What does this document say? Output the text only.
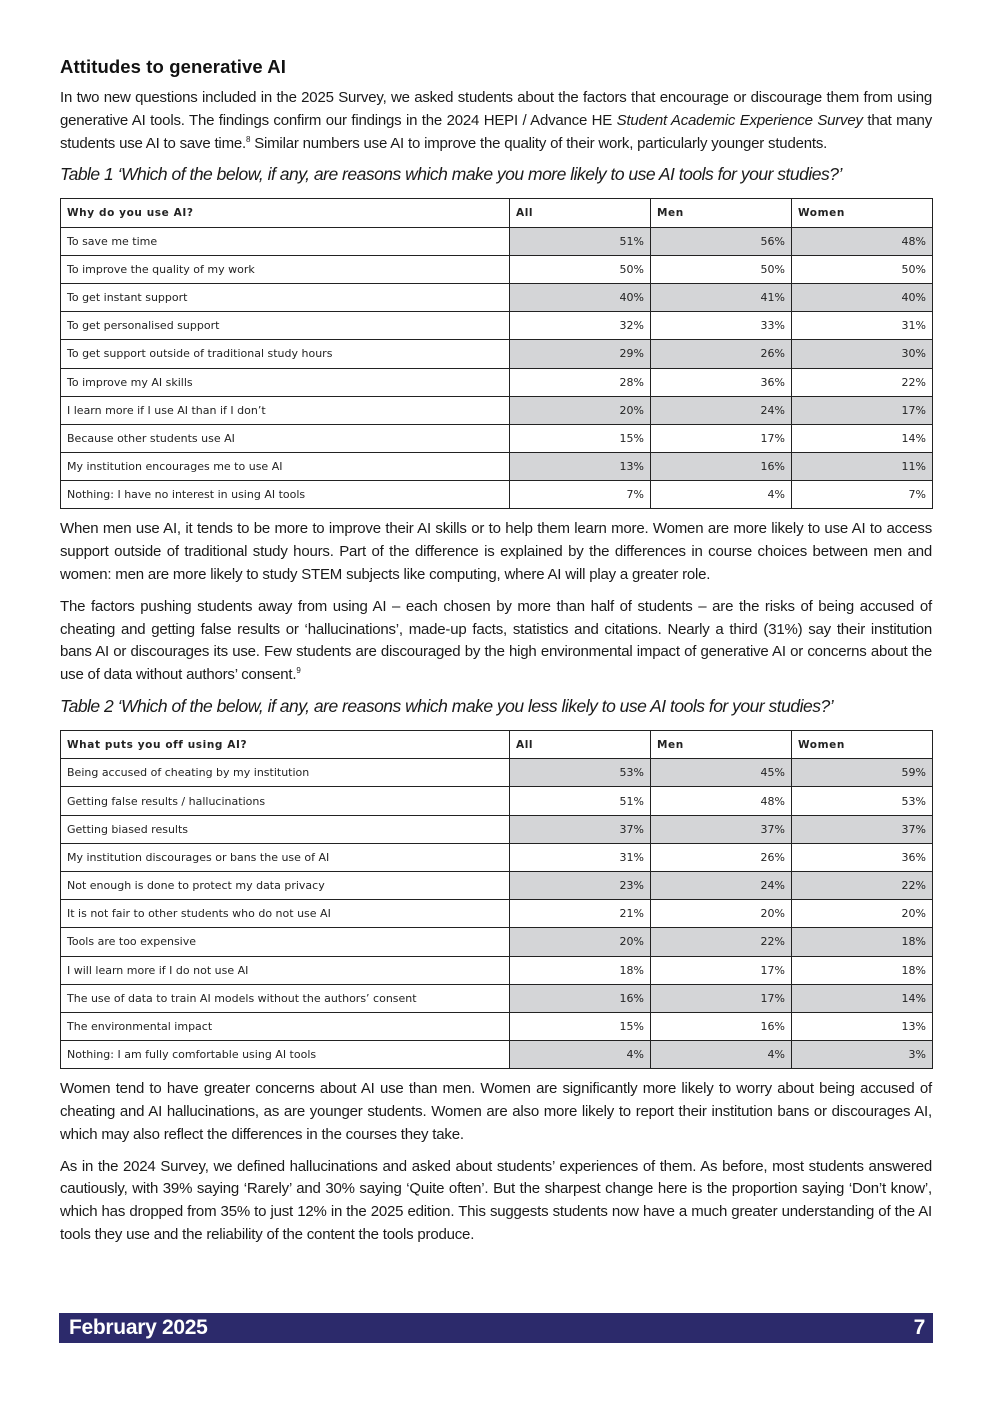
Attitudes to generative AI

In two new questions included in the 2025 Survey, we asked students about the factors that encourage or discourage them from using generative AI tools. The findings confirm our findings in the 2024 HEPI / Advance HE Student Academic Experience Survey that many students use AI to save time.$^8$ Similar numbers use AI to improve the quality of their work, particularly younger students.

Table 1 ‘Which of the below, if any, are reasons which make you more likely to use AI tools for your studies?’
Why do you use AI?	All	Men	Women
To save me time	51%	56%	48%
To improve the quality of my work	50%	50%	50%
To get instant support	40%	41%	40%
To get personalised support	32%	33%	31%
To get support outside of traditional study hours	29%	26%	30%
To improve my AI skills	28%	36%	22%
I learn more if I use AI than if I don’t	20%	24%	17%
Because other students use AI	15%	17%	14%
My institution encourages me to use AI	13%	16%	11%
Nothing: I have no interest in using AI tools	7%	4%	7%

When men use AI, it tends to be more to improve their AI skills or to help them learn more. Women are more likely to use AI to access support outside of traditional study hours. Part of the difference is explained by the differences in course choices between men and women: men are more likely to study STEM subjects like computing, where AI will play a greater role.

The factors pushing students away from using AI – each chosen by more than half of students – are the risks of being accused of cheating and getting false results or ‘hallucinations’, made-up facts, statistics and citations. Nearly a third (31%) say their institution bans AI or discourages its use. Few students are discouraged by the high environmental impact of generative AI or concerns about the use of data without authors’ consent.$^9$

Table 2 ‘Which of the below, if any, are reasons which make you less likely to use AI tools for your studies?’
What puts you off using AI?	All	Men	Women
Being accused of cheating by my institution	53%	45%	59%
Getting false results / hallucinations	51%	48%	53%
Getting biased results	37%	37%	37%
My institution discourages or bans the use of AI	31%	26%	36%
Not enough is done to protect my data privacy	23%	24%	22%
It is not fair to other students who do not use AI	21%	20%	20%
Tools are too expensive	20%	22%	18%
I will learn more if I do not use AI	18%	17%	18%
The use of data to train AI models without the authors’ consent	16%	17%	14%
The environmental impact	15%	16%	13%
Nothing: I am fully comfortable using AI tools	4%	4%	3%

Women tend to have greater concerns about AI use than men. Women are significantly more likely to worry about being accused of cheating and AI hallucinations, as are younger students. Women are also more likely to report their institution bans or discourages AI, which may also reflect the differences in the courses they take.

As in the 2024 Survey, we defined hallucinations and asked about students’ experiences of them. As before, most students answered cautiously, with 39% saying ‘Rarely’ and 30% saying ‘Quite often’. But the sharpest change here is the proportion saying ‘Don’t know’, which has dropped from 35% to just 12% in the 2025 edition. This suggests students now have a much greater understanding of the AI tools they use and the reliability of the content the tools produce.

February 2025	7
